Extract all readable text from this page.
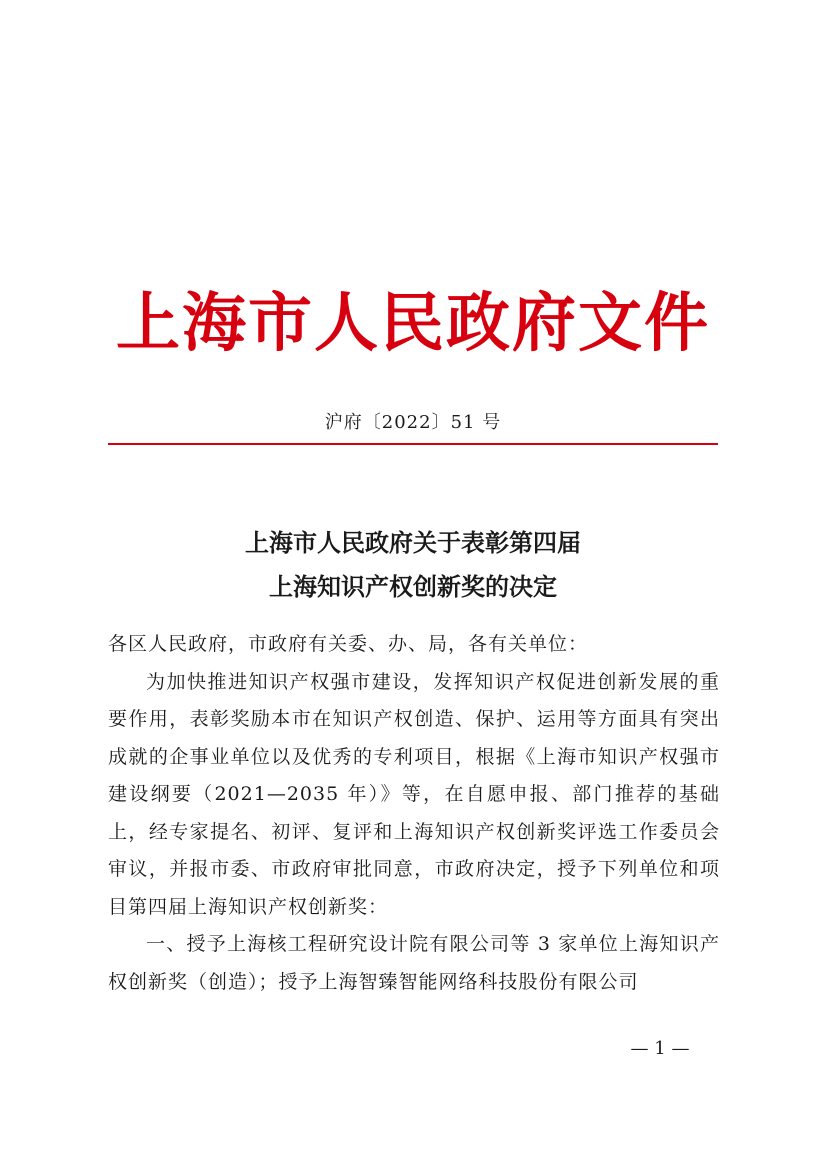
上海市人民政府文件
沪府〔2022〕51 号
上海市人民政府关于表彰第四届
上海知识产权创新奖的决定

各区人民政府，市政府有关委、办、局，各有关单位：

为加快推进知识产权强市建设，发挥知识产权促进创新发展的重要作用，表彰奖励本市在知识产权创造、保护、运用等方面具有突出成就的企事业单位以及优秀的专利项目，根据《上海市知识产权强市建设纲要（2021—2035 年）》等，在自愿申报、部门推荐的基础上，经专家提名、初评、复评和上海知识产权创新奖评选工作委员会审议，并报市委、市政府审批同意，市政府决定，授予下列单位和项目第四届上海知识产权创新奖：

一、授予上海核工程研究设计院有限公司等 3 家单位上海知识产权创新奖（创造）；授予上海智臻智能网络科技股份有限公司

— 1 —
